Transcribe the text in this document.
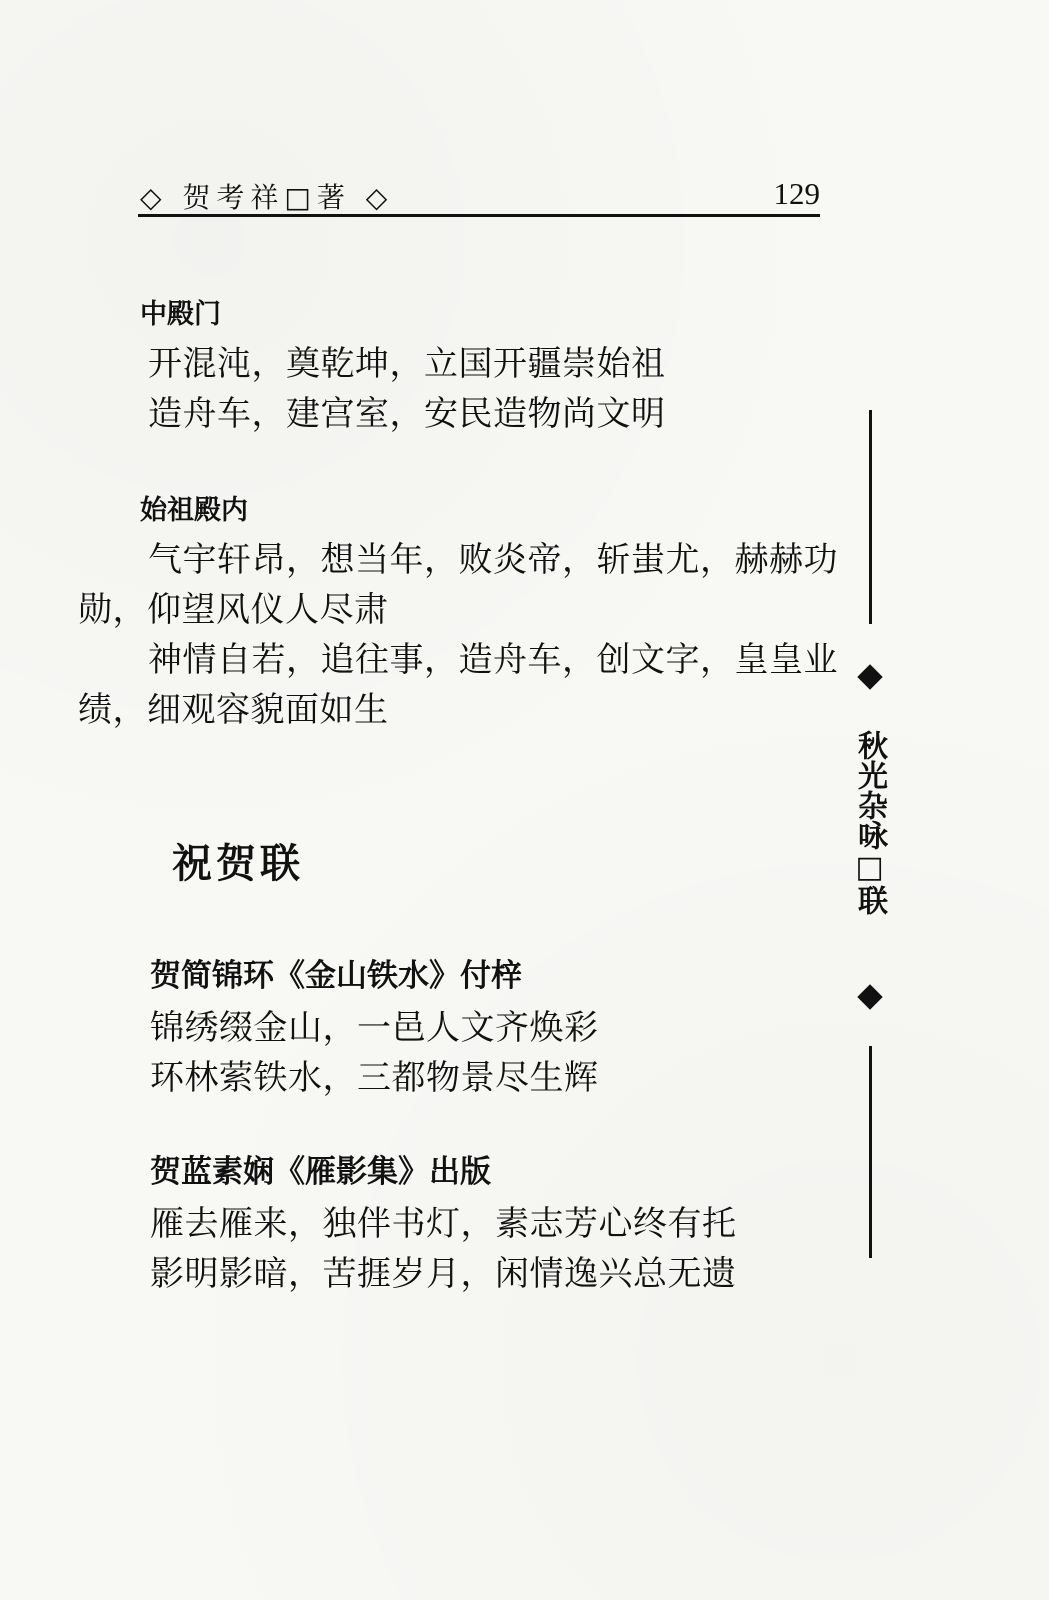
◇ 贺考祥□著 ◇	129
中殿门
开混沌，奠乾坤，立国开疆崇始祖
造舟车，建宫室，安民造物尚文明
始祖殿内
气宇轩昂，想当年，败炎帝，斩蚩尤，赫赫功
勋，仰望风仪人尽肃
神情自若，追往事，造舟车，创文字，皇皇业
绩，细观容貌面如生
祝贺联
贺简锦环《金山铁水》付梓
锦绣缀金山，一邑人文齐焕彩
环林萦铁水，三都物景尽生辉
贺蓝素娴《雁影集》出版
雁去雁来，独伴书灯，素志芳心终有托
影明影暗，苦捱岁月，闲情逸兴总无遗
秋光杂咏□联
